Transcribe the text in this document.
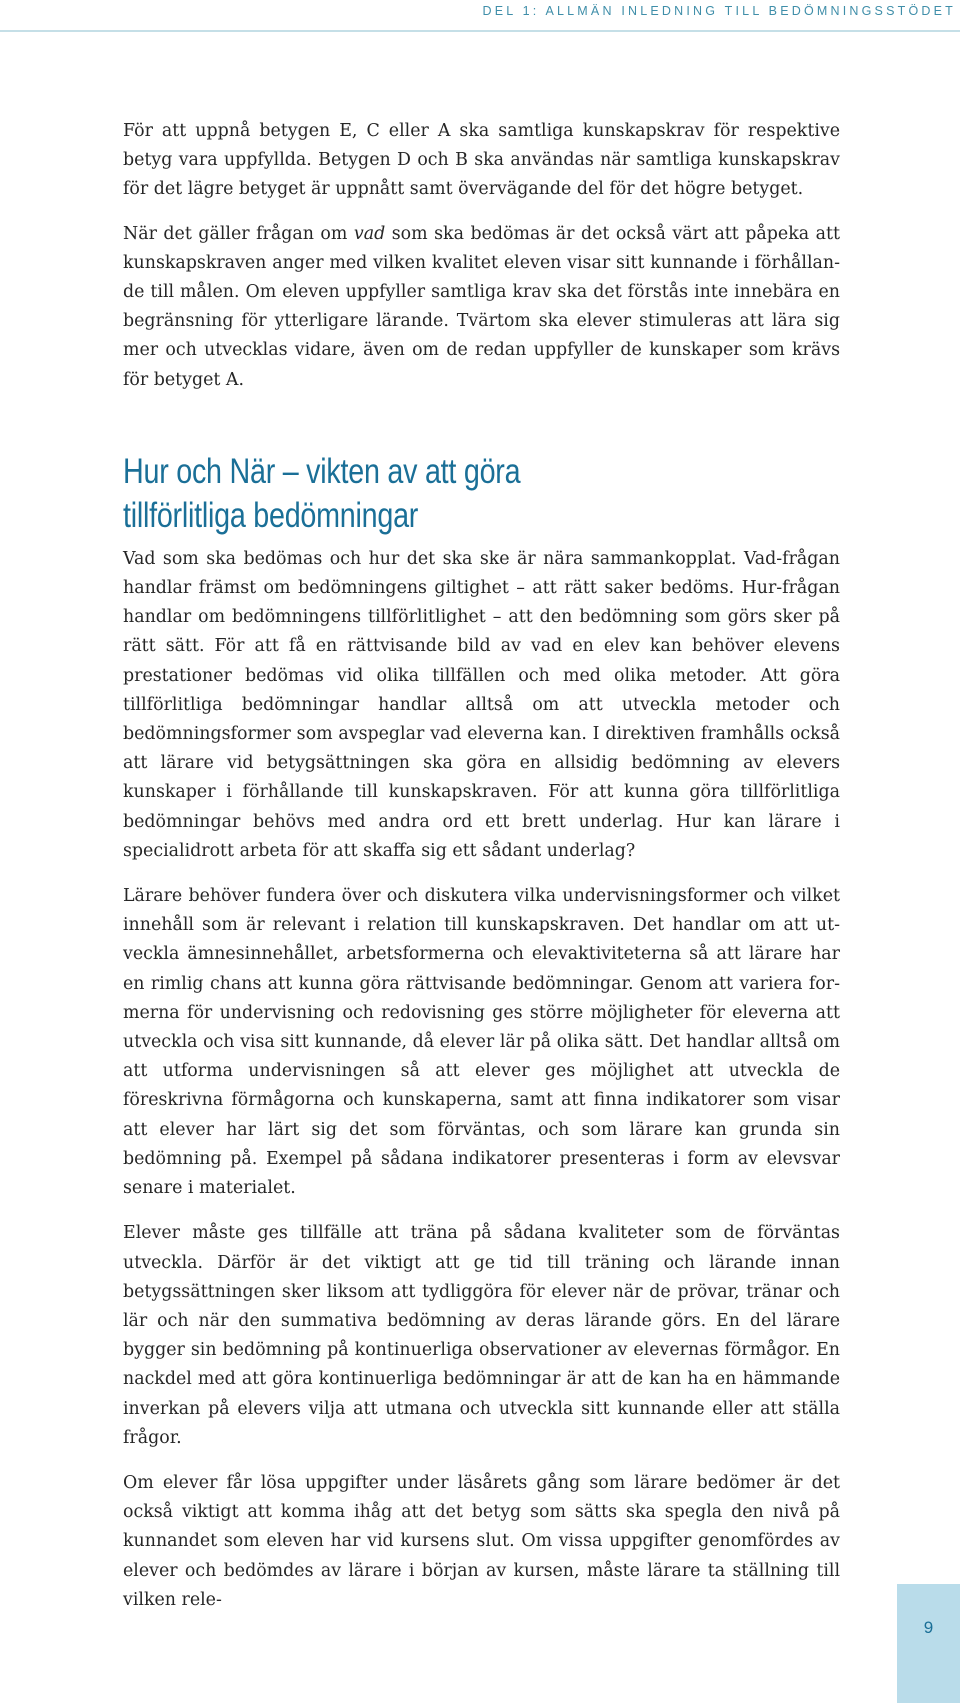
DEL 1: ALLMÄN INLEDNING TILL BEDÖMNINGSSTÖDET

För att uppnå betygen E, C eller A ska samtliga kunskapskrav för respektive betyg vara uppfyllda. Betygen D och B ska användas när samtliga kunskapskrav för det lägre betyget är uppnått samt övervägande del för det högre betyget.

När det gäller frågan om vad som ska bedömas är det också värt att påpeka att kunskapskraven anger med vilken kvalitet eleven visar sitt kunnande i förhållande till målen. Om eleven uppfyller samtliga krav ska det förstås inte innebära en begränsning för ytterligare lärande. Tvärtom ska elever stimuleras att lära sig mer och utvecklas vidare, även om de redan uppfyller de kunskaper som krävs för betyget A.

Hur och När – vikten av att göra
tillförlitliga bedömningar

Vad som ska bedömas och hur det ska ske är nära sammankopplat. Vad-frågan handlar främst om bedömningens giltighet – att rätt saker bedöms. Hur-frågan handlar om bedömningens tillförlitlighet – att den bedömning som görs sker på rätt sätt. För att få en rättvisande bild av vad en elev kan behöver elevens prestationer bedömas vid olika tillfällen och med olika metoder. Att göra tillförlitliga bedömningar handlar alltså om att utveckla metoder och bedömningsformer som avspeglar vad eleverna kan. I direktiven framhålls också att lärare vid betygsättningen ska göra en allsidig bedömning av elevers kunskaper i förhållande till kunskapskraven. För att kunna göra tillförlitliga bedömningar behövs med andra ord ett brett underlag. Hur kan lärare i specialidrott arbeta för att skaffa sig ett sådant underlag?

Lärare behöver fundera över och diskutera vilka undervisningsformer och vilket innehåll som är relevant i relation till kunskapskraven. Det handlar om att utveckla ämnesinnehållet, arbetsformerna och elevaktiviteterna så att lärare har en rimlig chans att kunna göra rättvisande bedömningar. Genom att variera formerna för undervisning och redovisning ges större möjligheter för eleverna att utveckla och visa sitt kunnande, då elever lär på olika sätt. Det handlar alltså om att utforma undervisningen så att elever ges möjlighet att utveckla de föreskrivna förmågorna och kunskaperna, samt att finna indikatorer som visar att elever har lärt sig det som förväntas, och som lärare kan grunda sin bedömning på. Exempel på sådana indikatorer presenteras i form av elevsvar senare i materialet.

Elever måste ges tillfälle att träna på sådana kvaliteter som de förväntas utveckla. Därför är det viktigt att ge tid till träning och lärande innan betygssättningen sker liksom att tydliggöra för elever när de prövar, tränar och lär och när den summativa bedömning av deras lärande görs. En del lärare bygger sin bedömning på kontinuerliga observationer av elevernas förmågor. En nackdel med att göra kontinuerliga bedömningar är att de kan ha en hämmande inverkan på elevers vilja att utmana och utveckla sitt kunnande eller att ställa frågor.

Om elever får lösa uppgifter under läsårets gång som lärare bedömer är det också viktigt att komma ihåg att det betyg som sätts ska spegla den nivå på kunnandet som eleven har vid kursens slut. Om vissa uppgifter genomfördes av elever och bedömdes av lärare i början av kursen, måste lärare ta ställning till vilken rele-

9
